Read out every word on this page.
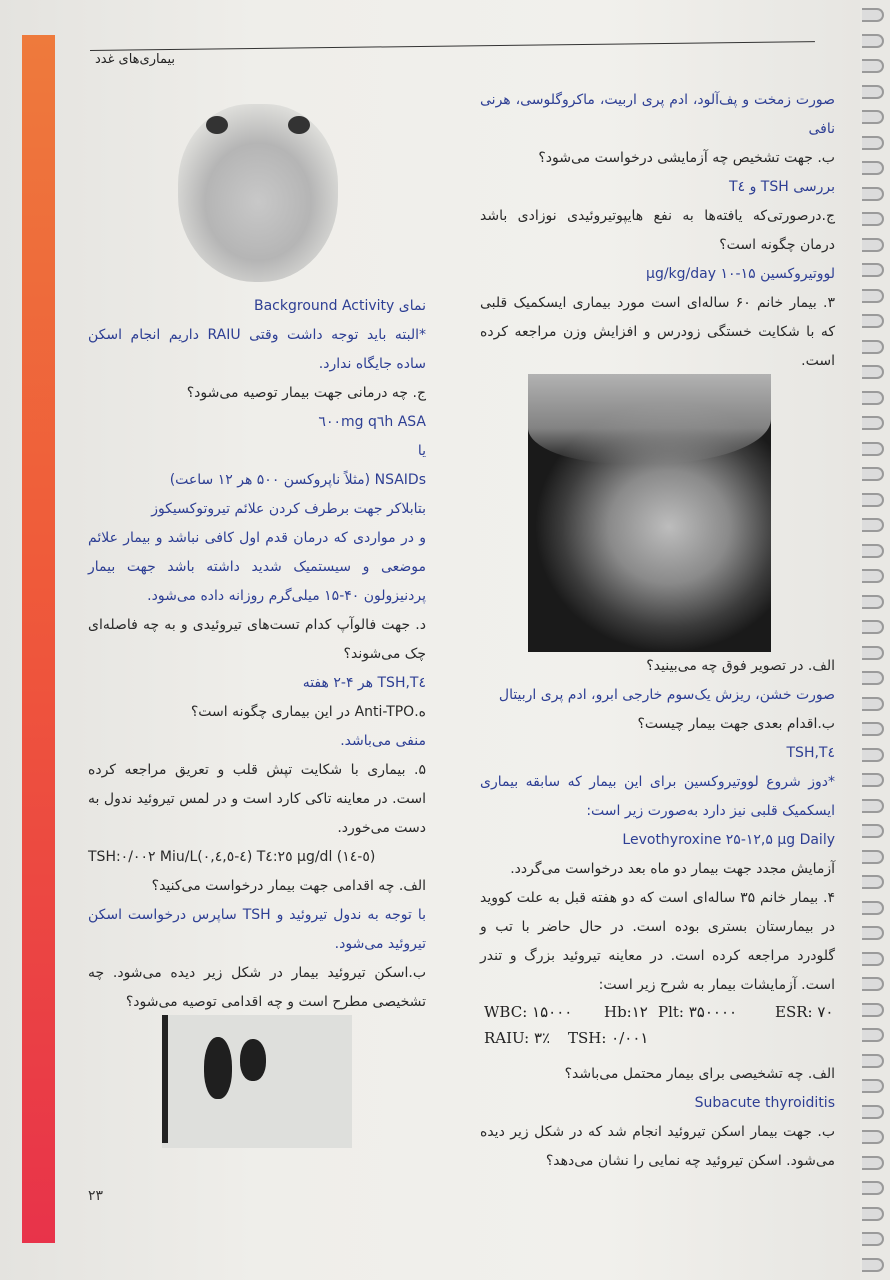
بیماری‌های غدد
۲۳

صورت زمخت و پف‌آلود، ادم پری اربیت، ماکروگلوسی، هرنی نافی

ب. جهت تشخیص چه آزمایشی درخواست می‌شود؟

بررسی TSH و T٤

ج.درصورتی‌که یافته‌ها به نفع هایپوتیروئیدی نوزادی باشد درمان چگونه است؟

لووتیروکسین ۱۵-۱۰ μg/kg/day

۳. بیمار خانم ۶۰ ساله‌ای است مورد بیماری ایسکمیک قلبی که با شکایت خستگی زودرس و افزایش وزن مراجعه کرده است.

الف. در تصویر فوق چه می‌بینید؟

صورت خشن، ریزش یک‌سوم خارجی ابرو، ادم پری اربیتال

ب.اقدام بعدی جهت بیمار چیست؟

TSH,T٤

*دوز شروع لووتیروکسین برای این بیمار که سابقه بیماری ایسکمیک قلبی نیز دارد به‌صورت زیر است:

Levothyroxine ۲۵-۱۲,۵ μg Daily

آزمایش مجدد جهت بیمار دو ماه بعد درخواست می‌گردد.

۴. بیمار خانم ۳۵ ساله‌ای است که دو هفته قبل به علت کووید در بیمارستان بستری بوده است. در حال حاضر با تب و گلودرد مراجعه کرده است. در معاینه تیروئید بزرگ و تندر است. آزمایشات بیمار به شرح زیر است:

WBC: ۱۵۰۰۰ Hb:۱۲ Plt: ۳۵۰۰۰۰	ESR: ۷۰
RAIU: ۳٪ TSH: ۰/۰۰۱

الف. چه تشخیصی برای بیمار محتمل می‌باشد؟

Subacute thyroiditis

ب. جهت بیمار اسکن تیروئید انجام شد که در شکل زیر دیده می‌شود. اسکن تیروئید چه نمایی را نشان می‌دهد؟

نمای Background Activity

*البته باید توجه داشت وقتی RAIU داریم انجام اسکن ساده جایگاه ندارد.

ج. چه درمانی جهت بیمار توصیه می‌شود؟

ASA ٦٠٠mg q٦h

یا

NSAIDs (مثلاً ناپروکسن ۵۰۰ هر ۱۲ ساعت)

بتابلاکر جهت برطرف کردن علائم تیروتوکسیکوز

و در مواردی که درمان قدم اول کافی نباشد و بیمار علائم موضعی و سیستمیک شدید داشته باشد جهت بیمار پردنیزولون ۴۰-۱۵ میلی‌گرم روزانه داده می‌شود.

د. جهت فالوآپ کدام تست‌های تیروئیدی و به چه فاصله‌ای چک می‌شوند؟

TSH,T٤ هر ۴-۲ هفته

ه.Anti-TPO در این بیماری چگونه است؟

منفی می‌باشد.

۵. بیماری با شکایت تپش قلب و تعریق مراجعه کرده است. در معاینه تاکی کارد است و در لمس تیروئید ندول به دست می‌خورد.

TSH:۰/۰۰۲ Miu/L(۰,٤-٤,٥) T٤:۲٥ μg/dl (٥-١٤)

الف. چه اقدامی جهت بیمار درخواست می‌کنید؟

با توجه به ندول تیروئید و TSH ساپرس درخواست اسکن تیروئید می‌شود.

ب.اسکن تیروئید بیمار در شکل زیر دیده می‌شود. چه تشخیصی مطرح است و چه اقدامی توصیه می‌شود؟
